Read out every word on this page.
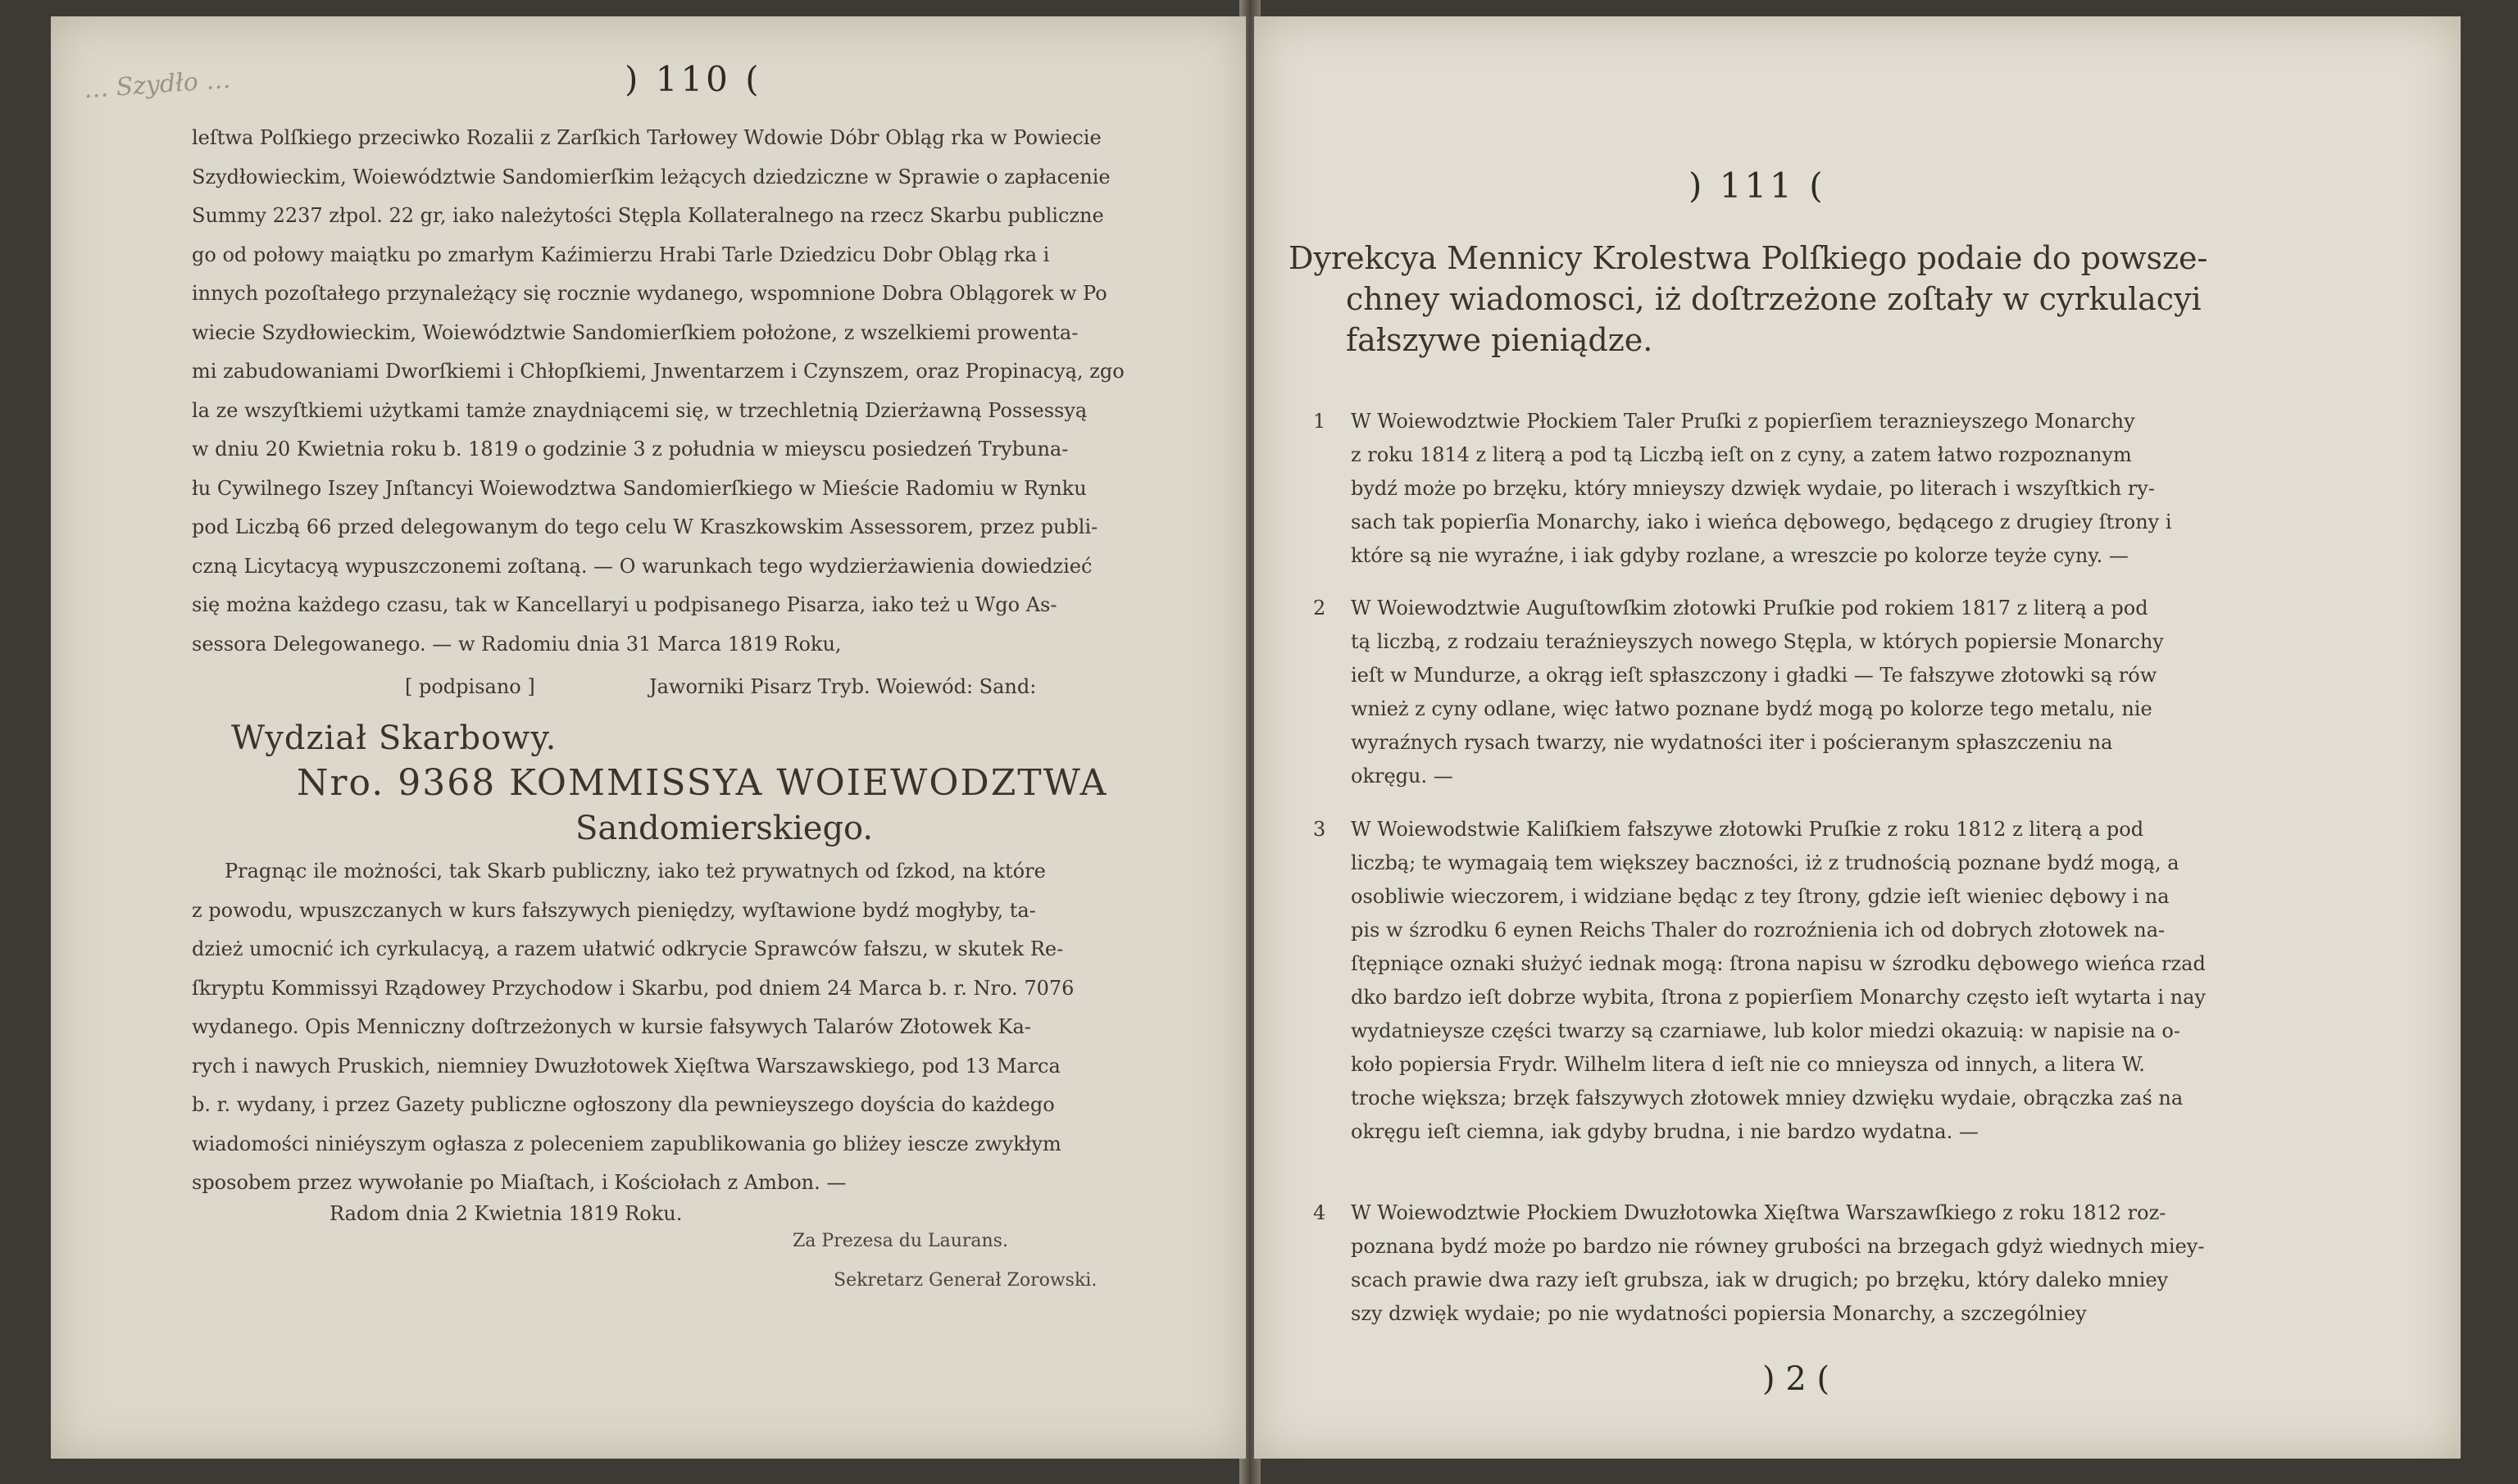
… Szydło …	) 110 (

leſtwa Polſkiego przeciwko Rozalii z Zarſkich Tarłowey Wdowie Dóbr Obląg rka w Powiecie

Szydłowieckim, Woiewództwie Sandomierſkim leżących dziedziczne w Sprawie o zapłacenie

Summy 2237 złpol. 22 gr, iako należytości Stępla Kollateralnego na rzecz Skarbu publiczne

go od połowy maiątku po zmarłym Kaźimierzu Hrabi Tarle Dziedzicu Dobr Obląg rka i

innych pozoſtałego przynależący się rocznie wydanego, wspomnione Dobra Oblągorek w Po

wiecie Szydłowieckim, Woiewództwie Sandomierſkiem położone, z wszelkiemi prowenta-

mi zabudowaniami Dworſkiemi i Chłopſkiemi, Jnwentarzem i Czynszem, oraz Propinacyą, zgo

la ze wszyſtkiemi użytkami tamże znaydniącemi się, w trzechletnią Dzierżawną Possessyą

w dniu 20 Kwietnia roku b. 1819 o godzinie 3 z południa w mieyscu posiedzeń Trybuna-

łu Cywilnego Iszey Jnſtancyi Woiewodztwa Sandomierſkiego w Mieście Radomiu w Rynku

pod Liczbą 66 przed delegowanym do tego celu W Kraszkowskim Assessorem, przez publi-

czną Licytacyą wypuszczonemi zoſtaną. — O warunkach tego wydzierżawienia dowiedzieć

się można każdego czasu, tak w Kancellaryi u podpisanego Pisarza, iako też u Wgo As-

sessora Delegowanego. — w Radomiu dnia 31 Marca 1819 Roku,

[ podpisano ]	Jaworniki Pisarz Tryb. Woiewód: Sand:
Wydział Skarbowy.
Nro. 9368 KOMMISSYA WOIEWODZTWA
Sandomierskiego.

Pragnąc ile możności, tak Skarb publiczny, iako też prywatnych od ſzkod, na które

z powodu, wpuszczanych w kurs fałszywych pieniędzy, wyſtawione bydź mogłyby, ta-

dzież umocnić ich cyrkulacyą, a razem ułatwić odkrycie Sprawców fałszu, w skutek Re-

ſkryptu Kommissyi Rządowey Przychodow i Skarbu, pod dniem 24 Marca b. r. Nro. 7076

wydanego. Opis Menniczny doſtrzeżonych w kursie fałsywych Talarów Złotowek Ka-

rych i nawych Pruskich, niemniey Dwuzłotowek Xięſtwa Warszawskiego, pod 13 Marca

b. r. wydany, i przez Gazety publiczne ogłoszony dla pewnieyszego doyścia do każdego

wiadomości niniéyszym ogłasza z poleceniem zapublikowania go bliżey iescze zwykłym

sposobem przez wywołanie po Miaſtach, i Kościołach z Ambon. —

Radom dnia 2 Kwietnia 1819 Roku.
Za Prezesa du Laurans.
Sekretarz Generał Zorowski.
) 111 (

Dyrekcya Mennicy Krolestwa Polſkiego podaie do powsze-

chney wiadomosci, iż doſtrzeżone zoſtały w cyrkulacyi

fałszywe pieniądze.

1 W Woiewodztwie Płockiem Taler Pruſki z popierſiem teraznieyszego Monarchy

z roku 1814 z literą a pod tą Liczbą ieſt on z cyny, a zatem łatwo rozpoznanym

bydź może po brzęku, który mnieyszy dzwięk wydaie, po literach i wszyſtkich ry-

sach tak popierſia Monarchy, iako i wieńca dębowego, będącego z drugiey ſtrony i

które są nie wyraźne, i iak gdyby rozlane, a wreszcie po kolorze teyże cyny. —

2 W Woiewodztwie Auguſtowſkim złotowki Pruſkie pod rokiem 1817 z literą a pod

tą liczbą, z rodzaiu teraźnieyszych nowego Stępla, w których popiersie Monarchy

ieſt w Mundurze, a okrąg ieſt spłaszczony i gładki — Te fałszywe złotowki są rów

wnież z cyny odlane, więc łatwo poznane bydź mogą po kolorze tego metalu, nie

wyraźnych rysach twarzy, nie wydatności iter i pościeranym spłaszczeniu na

okręgu. —

3 W Woiewodstwie Kaliſkiem fałszywe złotowki Pruſkie z roku 1812 z literą a pod

liczbą; te wymagaią tem większey baczności, iż z trudnością poznane bydź mogą, a

osobliwie wieczorem, i widziane będąc z tey ſtrony, gdzie ieſt wieniec dębowy i na

pis w śzrodku 6 eynen Reichs Thaler do rozroźnienia ich od dobrych złotowek na-

ſtępniące oznaki służyć iednak mogą: ſtrona napisu w śzrodku dębowego wieńca rzad

dko bardzo ieſt dobrze wybita, ſtrona z popierſiem Monarchy często ieſt wytarta i nay

wydatnieysze części twarzy są czarniawe, lub kolor miedzi okazuią: w napisie na o-

koło popiersia Frydr. Wilhelm litera d ieſt nie co mnieysza od innych, a litera W.

troche większa; brzęk fałszywych złotowek mniey dzwięku wydaie, obrączka zaś na

okręgu ieſt ciemna, iak gdyby brudna, i nie bardzo wydatna. —

4 W Woiewodztwie Płockiem Dwuzłotowka Xięſtwa Warszawſkiego z roku 1812 roz-

poznana bydź może po bardzo nie równey grubości na brzegach gdyż wiednych miey-

scach prawie dwa razy ieſt grubsza, iak w drugich; po brzęku, który daleko mniey

szy dzwięk wydaie; po nie wydatności popiersia Monarchy, a szczególniey

) 2 (
